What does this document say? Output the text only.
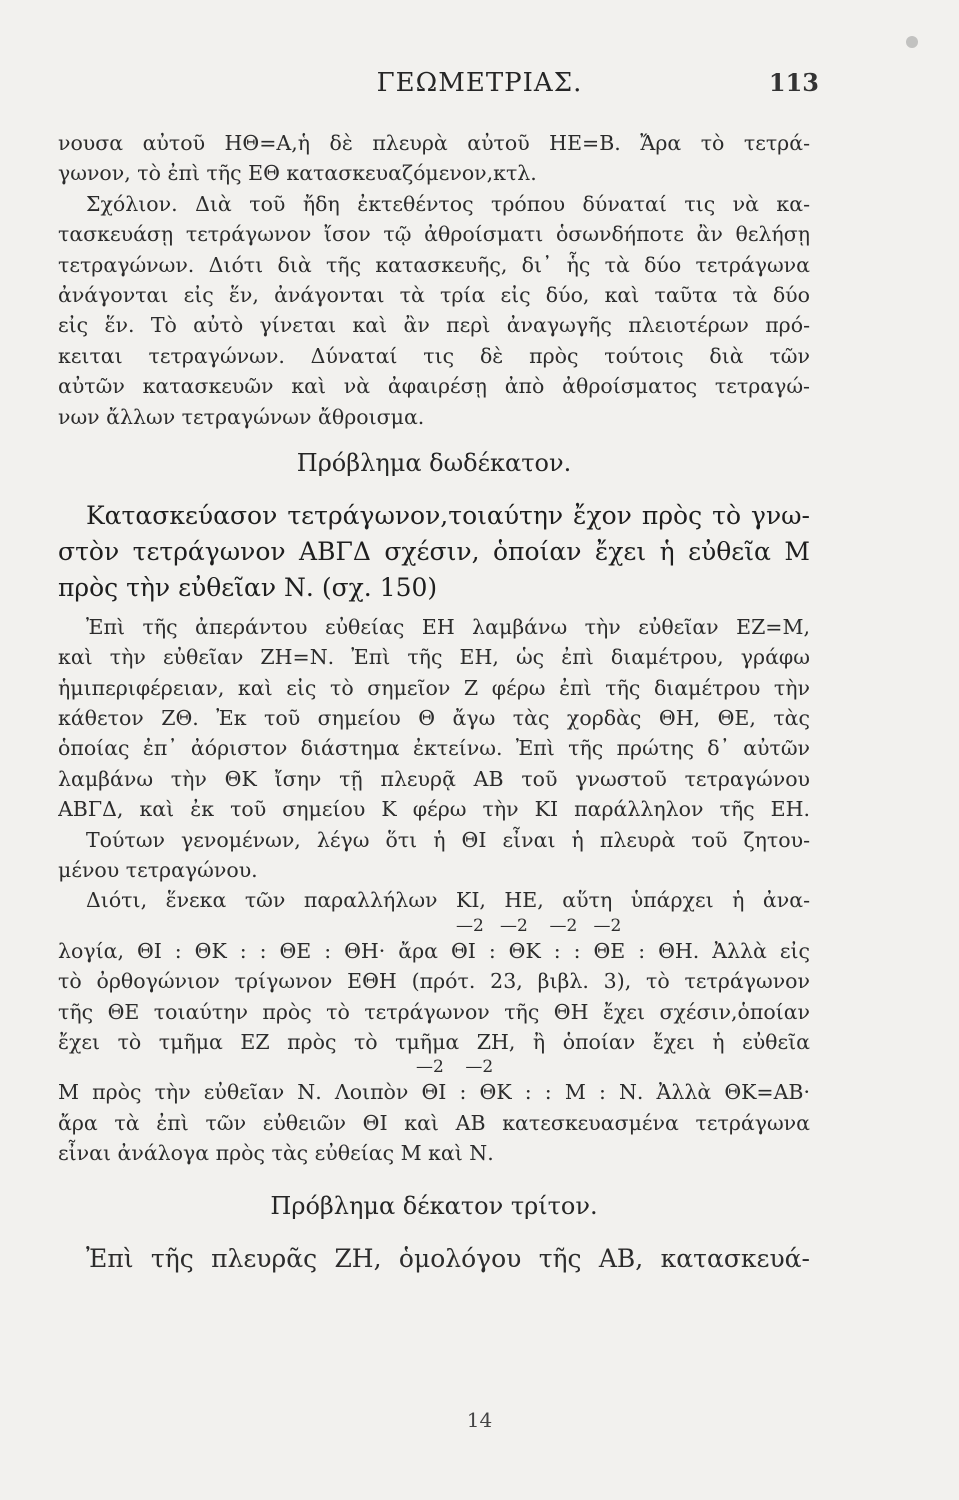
ΓΕΩΜΕΤΡΙΑΣ.	113
νουσα αὐτοῦ ΗΘ=Α,ἡ δὲ πλευρὰ αὐτοῦ ΗΕ=Β. Ἄρα τὸ τετρά-
γωνον, τὸ ἐπὶ τῆς ΕΘ κατασκευαζόμενον,κτλ.
Σχόλιον. Διὰ τοῦ ἤδη ἐκτεθέντος τρόπου δύναταί τις νὰ κα-
τασκευάσῃ τετράγωνον ἴσον τῷ ἀθροίσματι ὁσωνδήποτε ἂν θελήσῃ
τετραγώνων. Διότι διὰ τῆς κατασκευῆς, δι᾽ ἧς τὰ δύο τετράγωνα
ἀνάγονται εἰς ἕν, ἀνάγονται τὰ τρία εἰς δύο, καὶ ταῦτα τὰ δύο
εἰς ἕν. Τὸ αὐτὸ γίνεται καὶ ἂν περὶ ἀναγωγῆς πλειοτέρων πρό-
κειται τετραγώνων. Δύναταί τις δὲ πρὸς τούτοις διὰ τῶν
αὐτῶν κατασκευῶν καὶ νὰ ἀφαιρέσῃ ἀπὸ ἀθροίσματος τετραγώ-
νων ἄλλων τετραγώνων ἄθροισμα.
Πρόβλημα δωδέκατον.
Κατασκεύασον τετράγωνον,τοιαύτην ἔχον πρὸς τὸ γνω-
στὸν τετράγωνον ΑΒΓΔ σχέσιν, ὁποίαν ἔχει ἡ εὐθεῖα Μ
πρὸς τὴν εὐθεῖαν Ν. (σχ. 150)
Ἐπὶ τῆς ἀπεράντου εὐθείας ΕΗ λαμβάνω τὴν εὐθεῖαν ΕΖ=Μ,
καὶ τὴν εὐθεῖαν ΖΗ=Ν. Ἐπὶ τῆς ΕΗ, ὡς ἐπὶ διαμέτρου, γράφω
ἡμιπεριφέρειαν, καὶ εἰς τὸ σημεῖον Ζ φέρω ἐπὶ τῆς διαμέτρου τὴν
κάθετον ΖΘ. Ἐκ τοῦ σημείου Θ ἄγω τὰς χορδὰς ΘΗ, ΘΕ, τὰς
ὁποίας ἐπ᾽ ἀόριστον διάστημα ἐκτείνω. Ἐπὶ τῆς πρώτης δ᾽ αὐτῶν
λαμβάνω τὴν ΘΚ ἴσην τῇ πλευρᾷ ΑΒ τοῦ γνωστοῦ τετραγώνου
ΑΒΓΔ, καὶ ἐκ τοῦ σημείου Κ φέρω τὴν ΚΙ παράλληλον τῆς ΕΗ.
Τούτων γενομένων, λέγω ὅτι ἡ ΘΙ εἶναι ἡ πλευρὰ τοῦ ζητου-
μένου τετραγώνου.
Διότι, ἕνεκα τῶν παραλλήλων ΚΙ, ΗΕ, αὕτη ὑπάρχει ἡ ἀνα-
—2   —2    —2   —2
λογία, ΘΙ : ΘΚ : : ΘΕ : ΘΗ· ἄρα ΘΙ : ΘΚ : : ΘΕ : ΘΗ. Ἀλλὰ εἰς
τὸ ὀρθογώνιον τρίγωνον ΕΘΗ (πρότ. 23, βιβλ. 3), τὸ τετράγωνον
τῆς ΘΕ τοιαύτην πρὸς τὸ τετράγωνον τῆς ΘΗ ἔχει σχέσιν,ὁποίαν
ἔχει τὸ τμῆμα ΕΖ πρὸς τὸ τμῆμα ΖΗ, ἢ ὁποίαν ἔχει ἡ εὐθεῖα
—2    —2
Μ πρὸς τὴν εὐθεῖαν Ν. Λοιπὸν ΘΙ : ΘΚ : : Μ : Ν. Ἀλλὰ ΘΚ=ΑΒ·
ἄρα τὰ ἐπὶ τῶν εὐθειῶν ΘΙ καὶ ΑΒ κατεσκευασμένα τετράγωνα
εἶναι ἀνάλογα πρὸς τὰς εὐθείας Μ καὶ Ν.
Πρόβλημα δέκατον τρίτον.
Ἐπὶ τῆς πλευρᾶς ΖΗ, ὁμολόγου τῆς ΑΒ, κατασκευά-
14
